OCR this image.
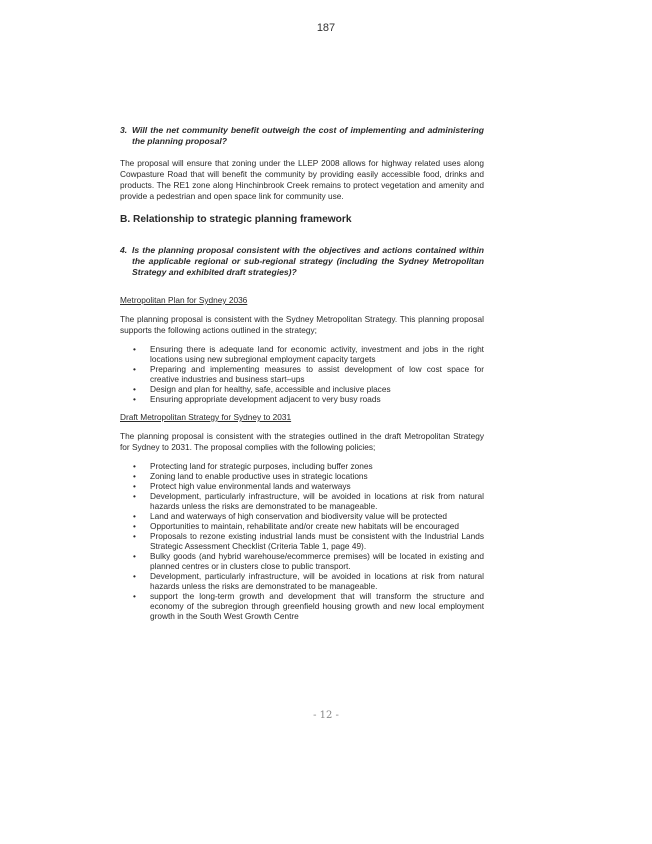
187
3. Will the net community benefit outweigh the cost of implementing and administering the planning proposal?

The proposal will ensure that zoning under the LLEP 2008 allows for highway related uses along Cowpasture Road that will benefit the community by providing easily accessible food, drinks and products. The RE1 zone along Hinchinbrook Creek remains to protect vegetation and amenity and provide a pedestrian and open space link for community use.

B. Relationship to strategic planning framework
4. Is the planning proposal consistent with the objectives and actions contained within the applicable regional or sub-regional strategy (including the Sydney Metropolitan Strategy and exhibited draft strategies)?
Metropolitan Plan for Sydney 2036

The planning proposal is consistent with the Sydney Metropolitan Strategy. This planning proposal supports the following actions outlined in the strategy;

•	Ensuring there is adequate land for economic activity, investment and jobs in the right locations using new subregional employment capacity targets
•	Preparing and implementing measures to assist development of low cost space for creative industries and business start–ups
•	Design and plan for healthy, safe, accessible and inclusive places
•	Ensuring appropriate development adjacent to very busy roads
Draft Metropolitan Strategy for Sydney to 2031

The planning proposal is consistent with the strategies outlined in the draft Metropolitan Strategy for Sydney to 2031. The proposal complies with the following policies;

•	Protecting land for strategic purposes, including buffer zones
•	Zoning land to enable productive uses in strategic locations
•	Protect high value environmental lands and waterways
•	Development, particularly infrastructure, will be avoided in locations at risk from natural hazards unless the risks are demonstrated to be manageable.
•	Land and waterways of high conservation and biodiversity value will be protected
•	Opportunities to maintain, rehabilitate and/or create new habitats will be encouraged
•	Proposals to rezone existing industrial lands must be consistent with the Industrial Lands Strategic Assessment Checklist (Criteria Table 1, page 49).
•	Bulky goods (and hybrid warehouse/ecommerce premises) will be located in existing and planned centres or in clusters close to public transport.
•	Development, particularly infrastructure, will be avoided in locations at risk from natural hazards unless the risks are demonstrated to be manageable.
•	support the long-term growth and development that will transform the structure and economy of the subregion through greenfield housing growth and new local employment growth in the South West Growth Centre
- 12 -
